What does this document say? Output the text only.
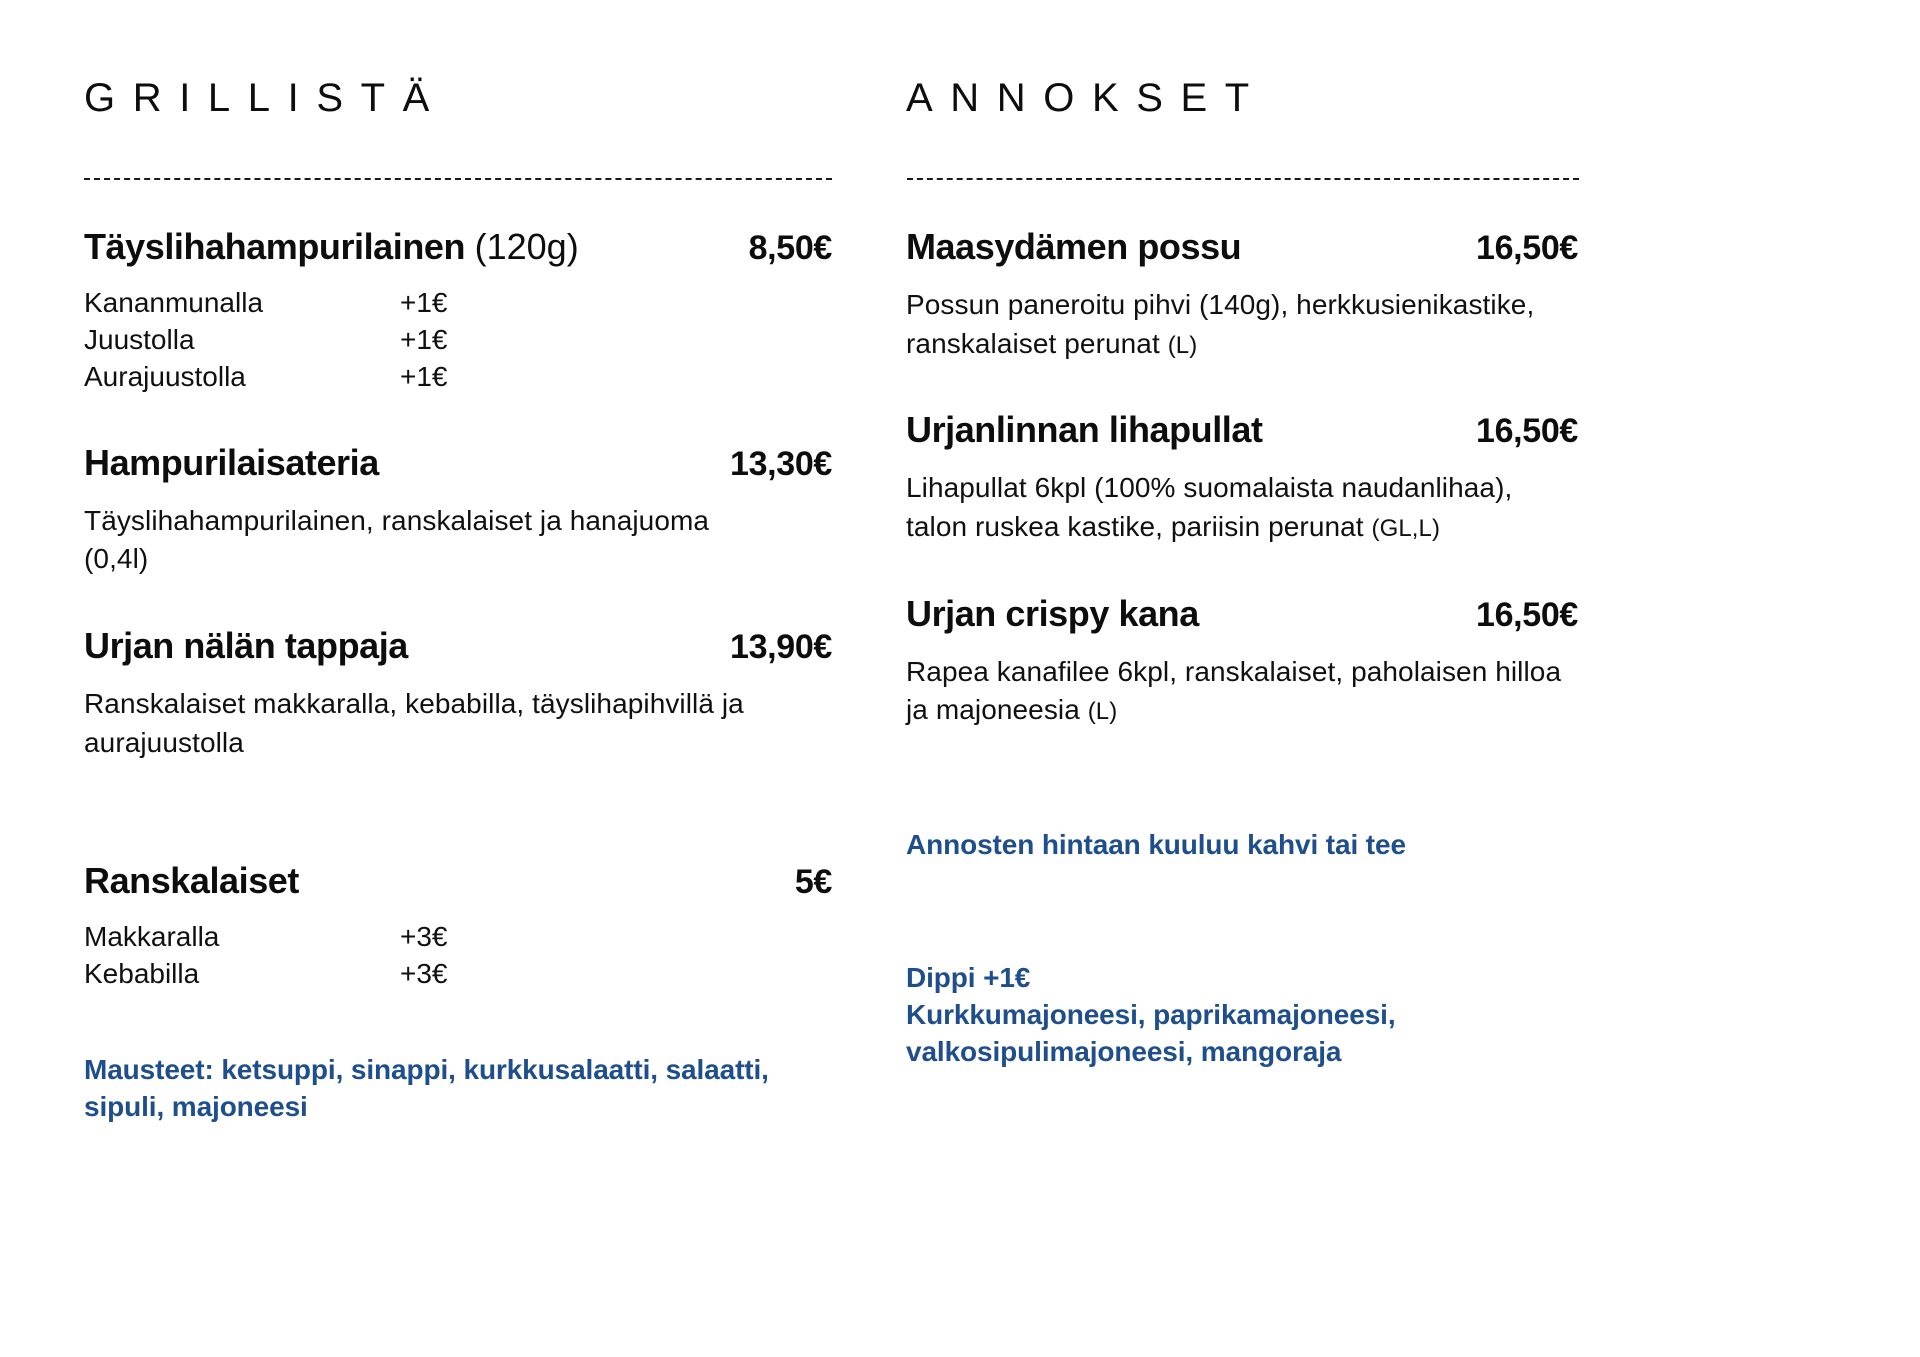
GRILLISTÄ
Täyslihahampurilainen (120g)	8,50€
Kananmunalla	+1€
Juustolla	+1€
Aurajuustolla	+1€
Hampurilaisateria	13,30€
Täyslihahampurilainen, ranskalaiset ja hanajuoma (0,4l)
Urjan nälän tappaja	13,90€
Ranskalaiset makkaralla, kebabilla, täyslihapihvillä ja aurajuustolla
Ranskalaiset	5€
Makkaralla	+3€
Kebabilla	+3€
Mausteet: ketsuppi, sinappi, kurkkusalaatti, salaatti, sipuli, majoneesi
ANNOKSET
Maasydämen possu	16,50€
Possun paneroitu pihvi (140g), herkkusienikastike, ranskalaiset perunat (L)
Urjanlinnan lihapullat	16,50€
Lihapullat 6kpl (100% suomalaista naudanlihaa), talon ruskea kastike, pariisin perunat (GL,L)
Urjan crispy kana	16,50€
Rapea kanafilee 6kpl, ranskalaiset, paholaisen hilloa ja majoneesia (L)
Annosten hintaan kuuluu kahvi tai tee
Dippi +1€
Kurkkumajoneesi, paprikamajoneesi, valkosipulimajoneesi, mangoraja
